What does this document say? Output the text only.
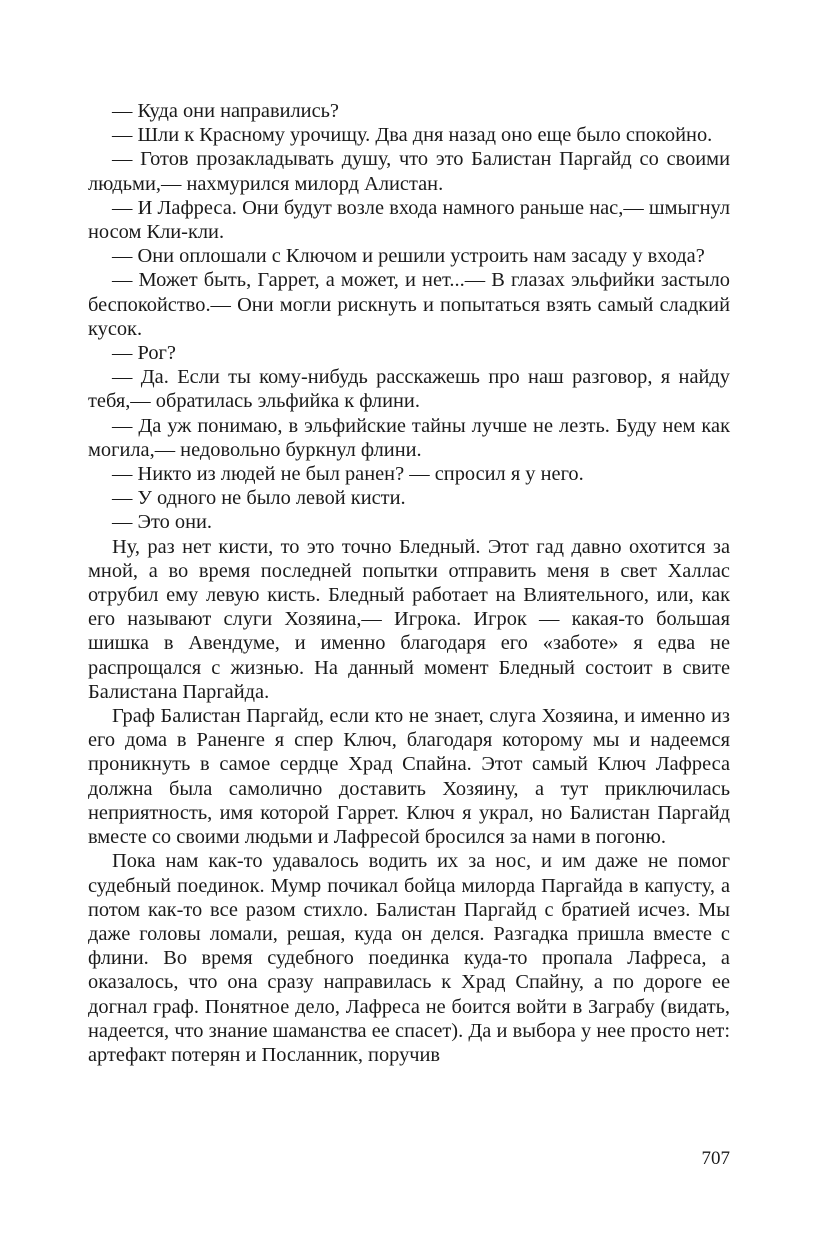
— Куда они направились?

— Шли к Красному урочищу. Два дня назад оно еще было спокойно.

— Готов прозакладывать душу, что это Балистан Паргайд со своими людьми,— нахмурился милорд Алистан.

— И Лафреса. Они будут возле входа намного раньше нас,— шмыгнул носом Кли-кли.

— Они оплошали с Ключом и решили устроить нам засаду у входа?

— Может быть, Гаррет, а может, и нет...— В глазах эльфийки застыло беспокойство.— Они могли рискнуть и попытаться взять самый сладкий кусок.

— Рог?

— Да. Если ты кому-нибудь расскажешь про наш разговор, я найду тебя,— обратилась эльфийка к флини.

— Да уж понимаю, в эльфийские тайны лучше не лезть. Буду нем как могила,— недовольно буркнул флини.

— Никто из людей не был ранен? — спросил я у него.

— У одного не было левой кисти.

— Это они.

Ну, раз нет кисти, то это точно Бледный. Этот гад давно охотится за мной, а во время последней попытки отправить меня в свет Халлас отрубил ему левую кисть. Бледный работает на Влиятельного, или, как его называют слуги Хозяина,— Игрока. Игрок — какая-то большая шишка в Авендуме, и именно благодаря его «заботе» я едва не распрощался с жизнью. На данный момент Бледный состоит в свите Балистана Паргайда.

Граф Балистан Паргайд, если кто не знает, слуга Хозяина, и именно из его дома в Раненге я спер Ключ, благодаря которому мы и надеемся проникнуть в самое сердце Храд Спайна. Этот самый Ключ Лафреса должна была самолично доставить Хозяину, а тут приключилась неприятность, имя которой Гаррет. Ключ я украл, но Балистан Паргайд вместе со своими людьми и Лафресой бросился за нами в погоню.

Пока нам как-то удавалось водить их за нос, и им даже не помог судебный поединок. Мумр почикал бойца милорда Паргайда в капусту, а потом как-то все разом стихло. Балистан Паргайд с братией исчез. Мы даже головы ломали, решая, куда он делся. Разгадка пришла вместе с флини. Во время судебного поединка куда-то пропала Лафреса, а оказалось, что она сразу направилась к Храд Спайну, а по дороге ее догнал граф. Понятное дело, Лафреса не боится войти в Заграбу (видать, надеется, что знание шаманства ее спасет). Да и выбора у нее просто нет: артефакт потерян и Посланник, поручив

707
